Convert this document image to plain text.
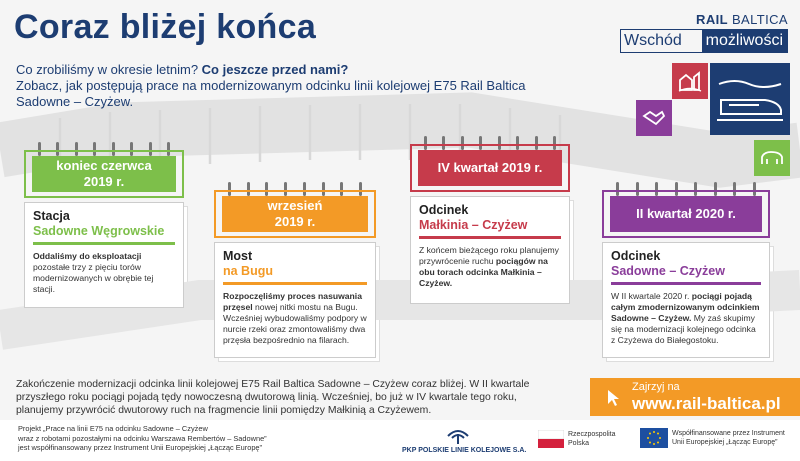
Coraz bliżej końca
Co zrobiliśmy w okresie letnim? Co jeszcze przed nami?
Zobacz, jak postępują prace na modernizowanym odcinku linii kolejowej E75 Rail Baltica
Sadowne – Czyżew.
RAIL BALTICA
Wschód	możliwości
koniec czerwca
2019 r.
Stacja
Sadowne Węgrowskie
Oddaliśmy do eksploatacji pozostałe trzy z pięciu torów modernizowanych w obrębie tej stacji.
wrzesień
2019 r.
Most
na Bugu
Rozpoczęliśmy proces nasuwania przęsel nowej nitki mostu na Bugu. Wcześniej wybudowaliśmy podpory w nurcie rzeki oraz zmontowaliśmy dwa przęsła bezpośrednio na filarach.
IV kwartał 2019 r.
Odcinek
Małkinia – Czyżew
Z końcem bieżącego roku planujemy przywrócenie ruchu pociągów na obu torach odcinka Małkinia – Czyżew.
II kwartał 2020 r.
Odcinek
Sadowne – Czyżew
W II kwartale 2020 r. pociągi pojadą całym zmodernizowanym odcinkiem Sadowne – Czyżew. My zaś skupimy się na modernizacji kolejnego odcinka z Czyżewa do Białegostoku.
Zakończenie modernizacji odcinka linii kolejowej E75 Rail Baltica Sadowne – Czyżew coraz bliżej. W II kwartale przyszłego roku pociągi pojadą tędy nowoczesną dwutorową linią. Wcześniej, bo już w IV kwartale tego roku, planujemy przywrócić dwutorowy ruch na fragmencie linii pomiędzy Małkinią a Czyżewem.
Zajrzyj na
www.rail-baltica.pl
Projekt „Prace na linii E75 na odcinku Sadowne – Czyżew
wraz z robotami pozostałymi na odcinku Warszawa Rembertów – Sadowne”
jest współfinansowany przez Instrument Unii Europejskiej „Łącząc Europę”	PKP POLSKIE LINIE KOLEJOWE S.A.
Rzeczpospolita
Polska
Współfinansowane przez Instrument
Unii Europejskiej „Łącząc Europę”
